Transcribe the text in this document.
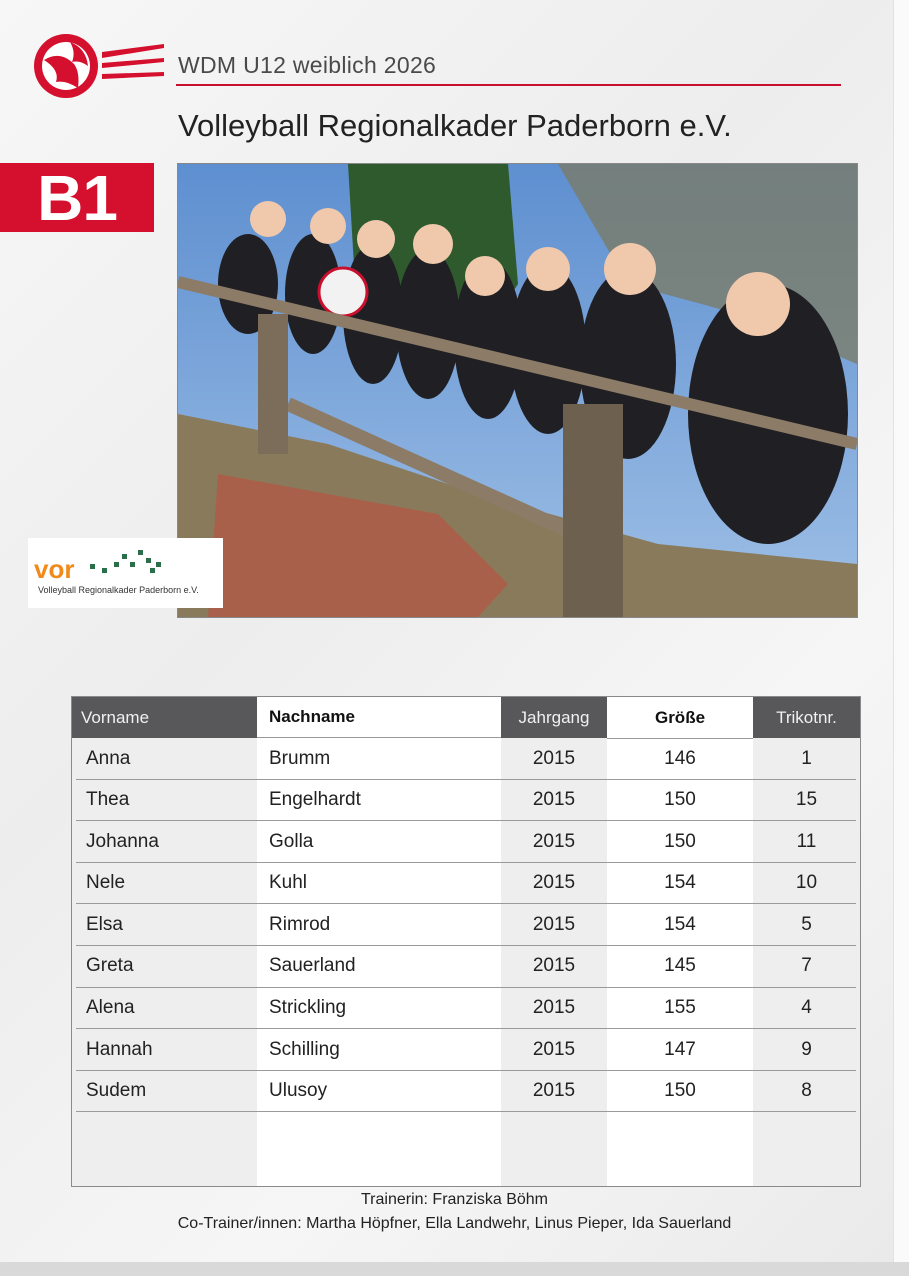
WDM U12 weiblich 2026
Volleyball Regionalkader Paderborn e.V.
B1
vor
Volleyball Regionalkader Paderborn e.V.
Vorname	Nachname	Jahrgang	Größe	Trikotnr.
Anna	Brumm	2015	146	1
Thea	Engelhardt	2015	150	15
Johanna	Golla	2015	150	11
Nele	Kuhl	2015	154	10
Elsa	Rimrod	2015	154	5
Greta	Sauerland	2015	145	7
Alena	Strickling	2015	155	4
Hannah	Schilling	2015	147	9
Sudem	Ulusoy	2015	150	8
Trainerin: Franziska Böhm
Co-Trainer/innen: Martha Höpfner, Ella Landwehr, Linus Pieper, Ida Sauerland
